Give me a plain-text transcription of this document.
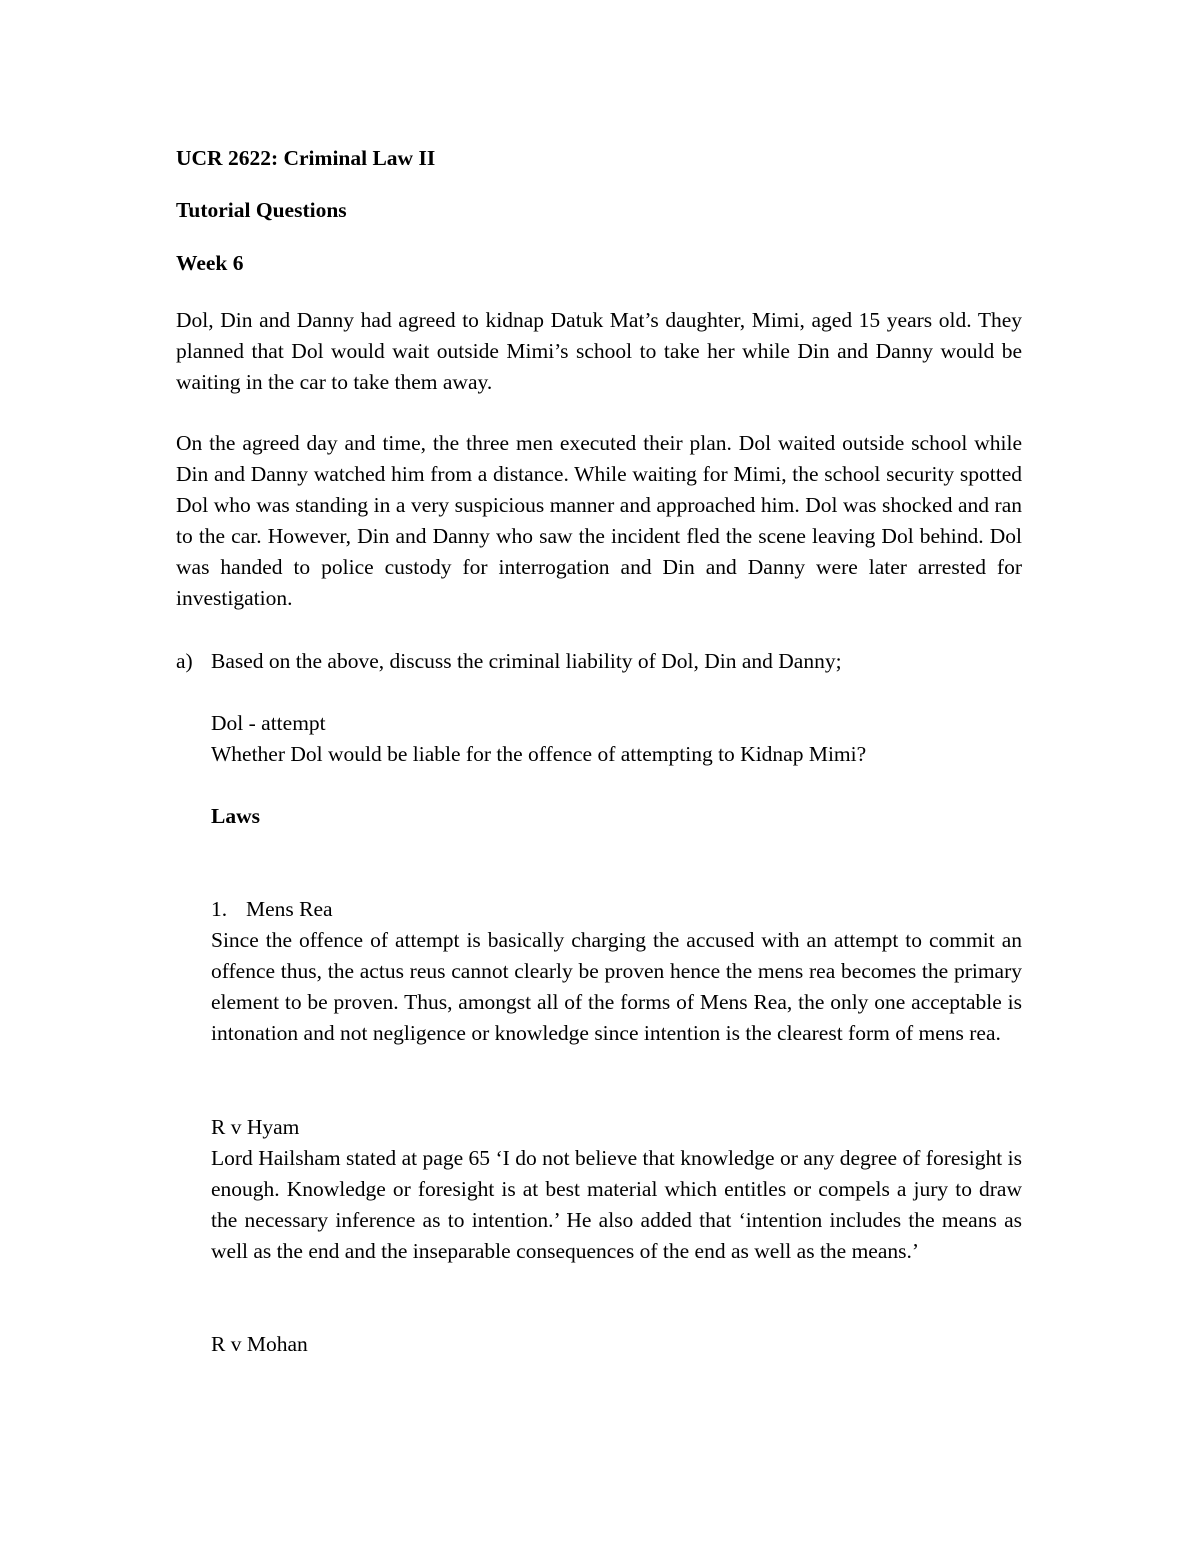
UCR 2622: Criminal Law II
Tutorial Questions
Week 6
Dol, Din and Danny had agreed to kidnap Datuk Mat’s daughter, Mimi, aged 15 years old. They planned that Dol would wait outside Mimi’s school to take her while Din and Danny would be waiting in the car to take them away.
On the agreed day and time, the three men executed their plan. Dol waited outside school while Din and Danny watched him from a distance. While waiting for Mimi, the school security spotted Dol who was standing in a very suspicious manner and approached him. Dol was shocked and ran to the car. However, Din and Danny who saw the incident fled the scene leaving Dol behind. Dol was handed to police custody for interrogation and Din and Danny were later arrested for investigation.
a) Based on the above, discuss the criminal liability of Dol, Din and Danny;
Dol - attempt
Whether Dol would be liable for the offence of attempting to Kidnap Mimi?
Laws
1. Mens Rea
Since the offence of attempt is basically charging the accused with an attempt to commit an offence thus, the actus reus cannot clearly be proven hence the mens rea becomes the primary element to be proven. Thus, amongst all of the forms of Mens Rea, the only one acceptable is intonation and not negligence or knowledge since intention is the clearest form of mens rea.
R v Hyam
Lord Hailsham stated at page 65 ‘I do not believe that knowledge or any degree of foresight is enough. Knowledge or foresight is at best material which entitles or compels a jury to draw the necessary inference as to intention.’ He also added that ‘intention includes the means as well as the end and the inseparable consequences of the end as well as the means.’
R v Mohan
